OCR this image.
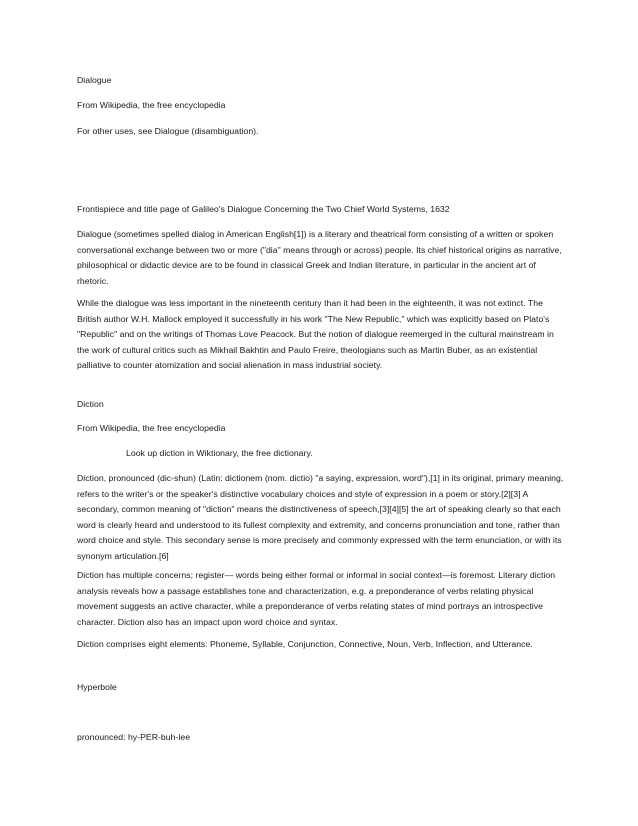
Dialogue

From Wikipedia, the free encyclopedia

For other uses, see Dialogue (disambiguation).

Frontispiece and title page of Galileo's Dialogue Concerning the Two Chief World Systems, 1632

Dialogue (sometimes spelled dialog in American English[1]) is a literary and theatrical form consisting of a written or spoken conversational exchange between two or more ("dia" means through or across) people. Its chief historical origins as narrative, philosophical or didactic device are to be found in classical Greek and Indian literature, in particular in the ancient art of rhetoric.

While the dialogue was less important in the nineteenth century than it had been in the eighteenth, it was not extinct. The British author W.H. Mallock employed it successfully in his work "The New Republic," which was explicitly based on Plato's "Republic" and on the writings of Thomas Love Peacock. But the notion of dialogue reemerged in the cultural mainstream in the work of cultural critics such as Mikhail Bakhtin and Paulo Freire, theologians such as Martin Buber, as an existential palliative to counter atomization and social alienation in mass industrial society.

Diction

From Wikipedia, the free encyclopedia

Look up diction in Wiktionary, the free dictionary.

Diction, pronounced (dic-shun) (Latin: dictionem (nom. dictio) "a saying, expression, word"),[1] in its original, primary meaning, refers to the writer's or the speaker's distinctive vocabulary choices and style of expression in a poem or story.[2][3] A secondary, common meaning of "diction" means the distinctiveness of speech,[3][4][5] the art of speaking clearly so that each word is clearly heard and understood to its fullest complexity and extremity, and concerns pronunciation and tone, rather than word choice and style. This secondary sense is more precisely and commonly expressed with the term enunciation, or with its synonym articulation.[6]

Diction has multiple concerns; register— words being either formal or informal in social context—is foremost. Literary diction analysis reveals how a passage establishes tone and characterization, e.g. a preponderance of verbs relating physical movement suggests an active character, while a preponderance of verbs relating states of mind portrays an introspective character. Diction also has an impact upon word choice and syntax.

Diction comprises eight elements: Phoneme, Syllable, Conjunction, Connective, Noun, Verb, Inflection, and Utterance.

Hyperbole

pronounced: hy-PER-buh-lee
